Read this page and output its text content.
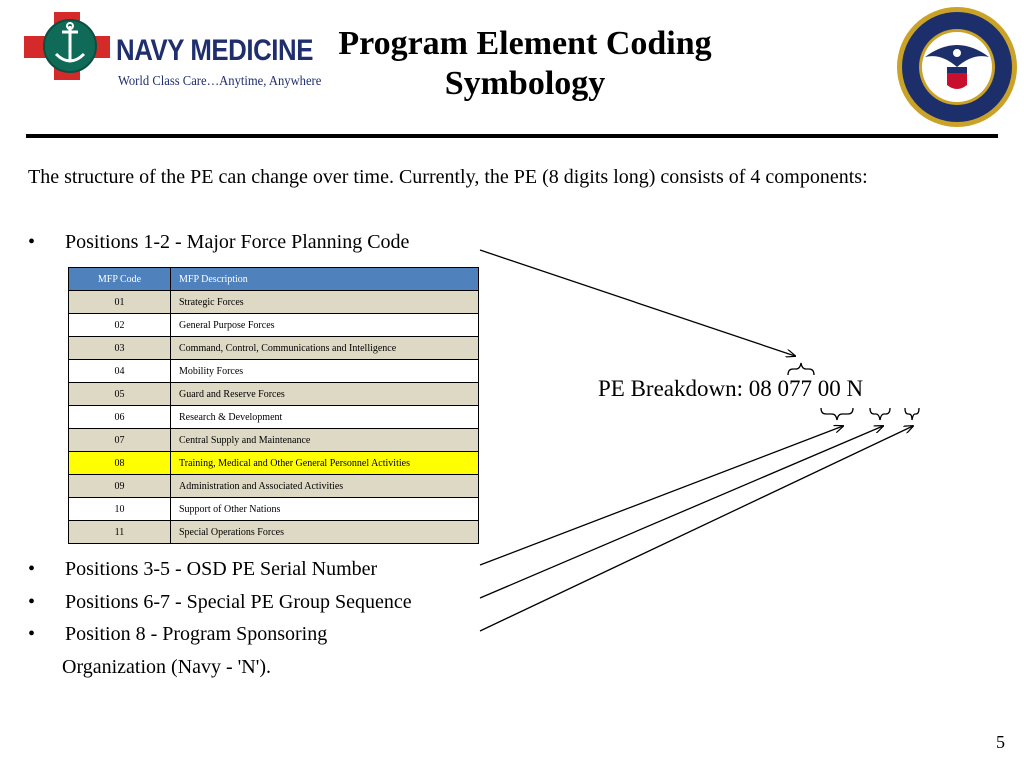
NAVY MEDICINE
World Class Care…Anytime, Anywhere
Program Element Coding
Symbology
The structure of the PE can change over time. Currently, the PE (8 digits long) consists of 4 components:
• Positions 1-2 - Major Force Planning Code
MFP Code	MFP Description
01	Strategic Forces
02	General Purpose Forces
03	Command, Control, Communications and Intelligence
04	Mobility Forces
05	Guard and Reserve Forces
06	Research & Development
07	Central Supply and Maintenance
08	Training, Medical and Other General Personnel Activities
09	Administration and Associated Activities
10	Support of Other Nations
11	Special Operations Forces
• Positions 3-5 - OSD PE Serial Number
• Positions 6-7 - Special PE Group Sequence
• Position 8 - Program Sponsoring
Organization (Navy - 'N').
PE Breakdown: 08 077 00 N
5
